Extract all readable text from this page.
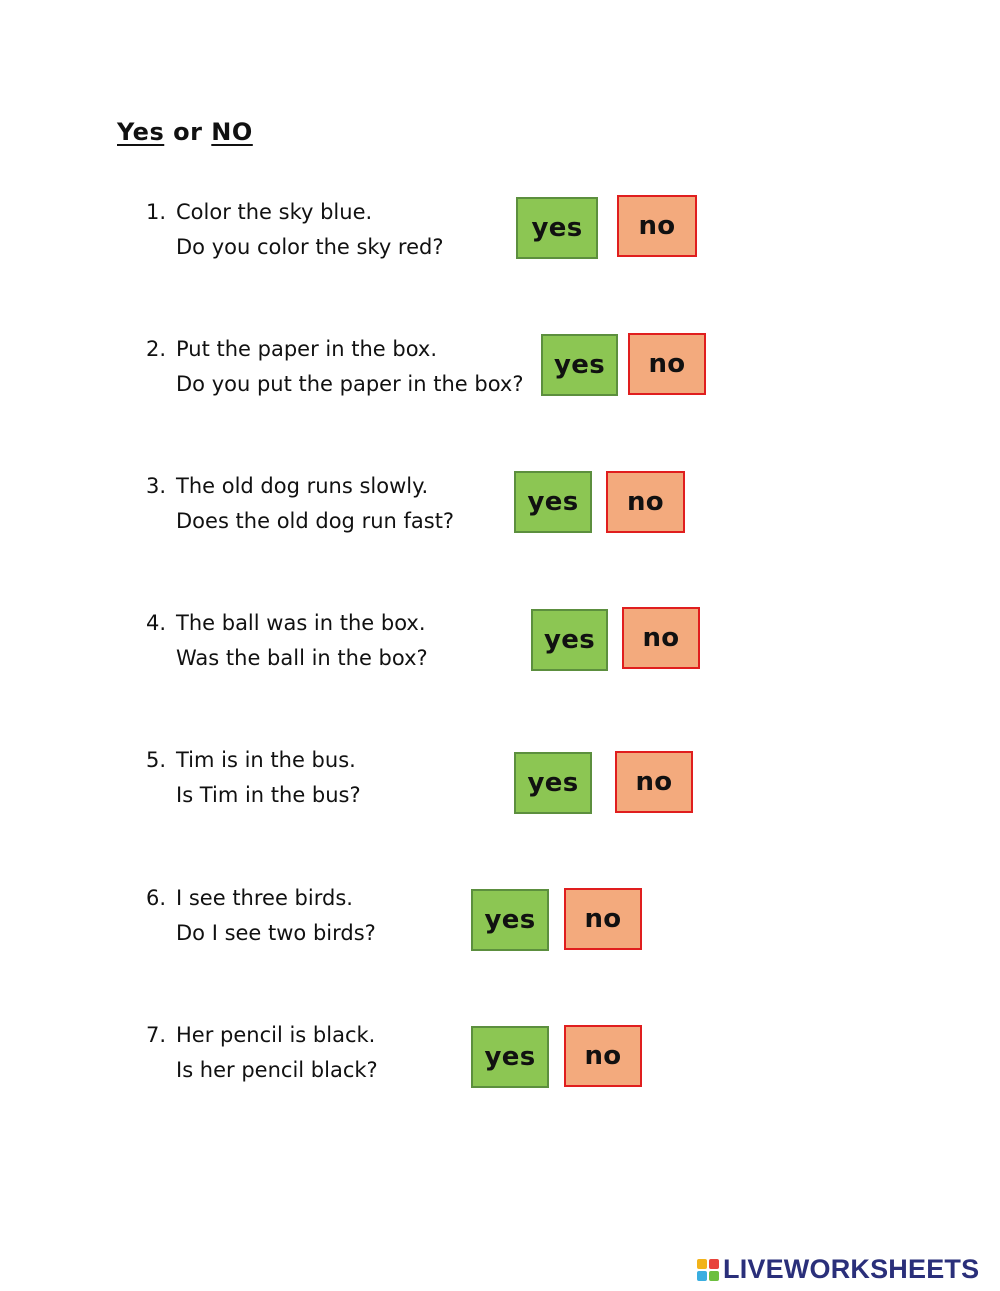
Yes or NO
1. Color the sky blue.
Do you color the sky red?
yes	no
2. Put the paper in the box.
Do you put the paper in the box?
yes	no
3. The old dog runs slowly.
Does the old dog run fast?
yes	no
4. The ball was in the box.
Was the ball in the box?
yes	no
5. Tim is in the bus.
Is Tim in the bus?	yes	no
6. I see three birds.
Do I see two birds?	yes	no
7. Her pencil is black.
Is her pencil black?	yes	no
LIVEWORKSHEETS
